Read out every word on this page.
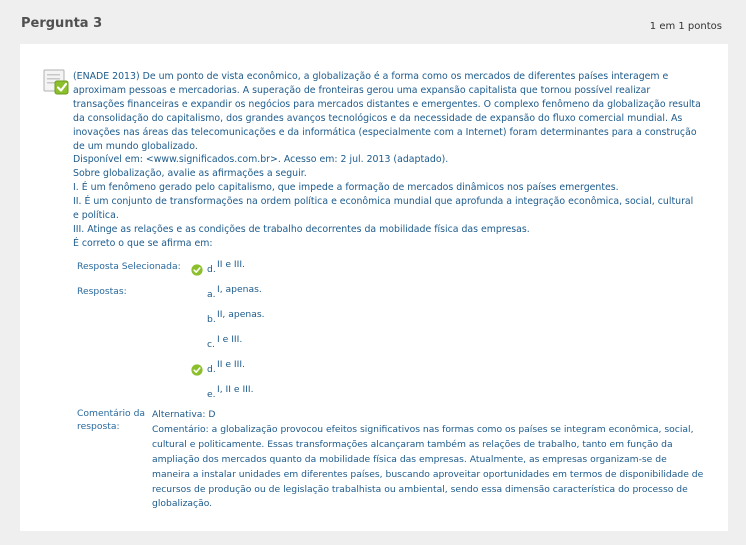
Pergunta 3	1 em 1 pontos

(ENADE 2013) De um ponto de vista econômico, a globalização é a forma como os mercados de diferentes países interagem e aproximam pessoas e mercadorias. A superação de fronteiras gerou uma expansão capitalista que tornou possível realizar transações financeiras e expandir os negócios para mercados distantes e emergentes. O complexo fenômeno da globalização resulta da consolidação do capitalismo, dos grandes avanços tecnológicos e da necessidade de expansão do fluxo comercial mundial. As inovações nas áreas das telecomunicações e da informática (especialmente com a Internet) foram determinantes para a construção de um mundo globalizado.

Disponível em: <www.significados.com.br>. Acesso em: 2 jul. 2013 (adaptado).

Sobre globalização, avalie as afirmações a seguir.

I. É um fenômeno gerado pelo capitalismo, que impede a formação de mercados dinâmicos nos países emergentes.

II. É um conjunto de transformações na ordem política e econômica mundial que aprofunda a integração econômica, social, cultural e política.

III. Atinge as relações e as condições de trabalho decorrentes da mobilidade física das empresas.

É correto o que se afirma em:

Resposta Selecionada:	d.II e III.
Respostas:	a.I, apenas.
b.II, apenas.
c. I e III.
d.II e III.
e.I, II e III.
Comentário da resposta:
Alternativa: D
Comentário: a globalização provocou efeitos significativos nas formas como os países se integram econômica, social, cultural e politicamente. Essas transformações alcançaram também as relações de trabalho, tanto em função da ampliação dos mercados quanto da mobilidade física das empresas. Atualmente, as empresas organizam-se de maneira a instalar unidades em diferentes países, buscando aproveitar oportunidades em termos de disponibilidade de recursos de produção ou de legislação trabalhista ou ambiental, sendo essa dimensão característica do processo de globalização.
